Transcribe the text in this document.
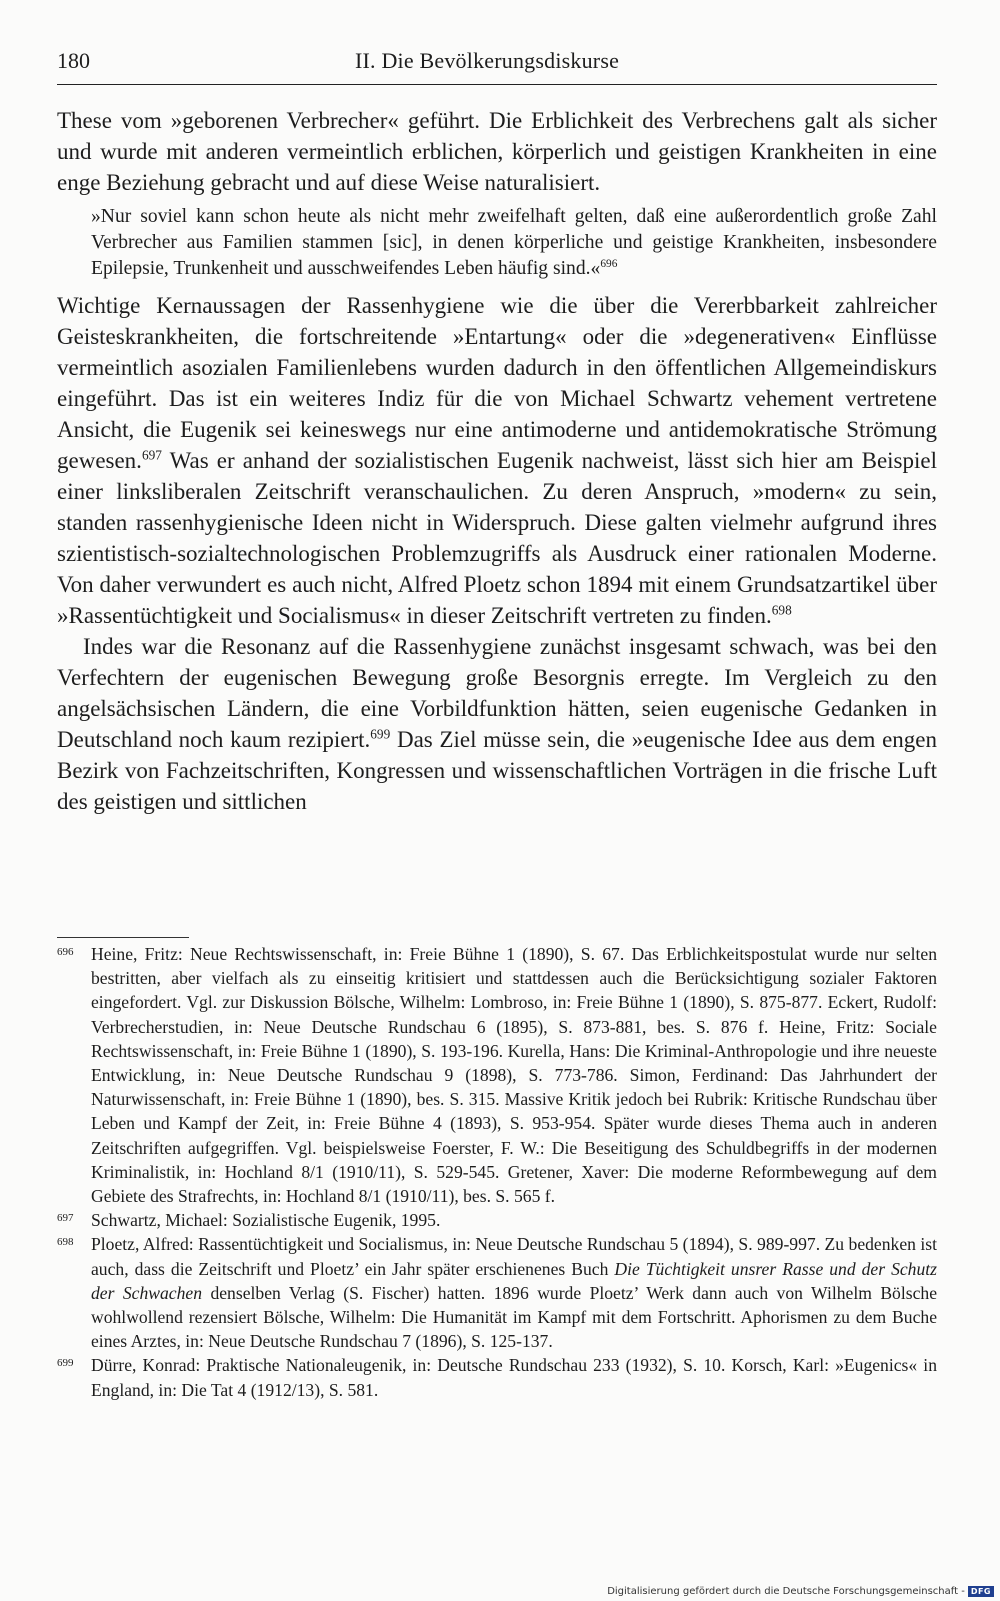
180	II. Die Bevölkerungsdiskurse

These vom »geborenen Verbrecher« geführt. Die Erblichkeit des Verbrechens galt als sicher und wurde mit anderen vermeintlich erblichen, körperlich und geistigen Krankheiten in eine enge Beziehung gebracht und auf diese Weise naturalisiert.

»Nur soviel kann schon heute als nicht mehr zweifelhaft gelten, daß eine außerordentlich große Zahl Verbrecher aus Familien stammen [sic], in denen körperliche und geistige Krankheiten, insbesondere Epilepsie, Trunkenheit und ausschweifendes Leben häufig sind.«$^{696}$

Wichtige Kernaussagen der Rassenhygiene wie die über die Vererbbarkeit zahlreicher Geisteskrankheiten, die fortschreitende »Entartung« oder die »degenerativen« Einflüsse vermeintlich asozialen Familienlebens wurden dadurch in den öffentlichen Allgemeindiskurs eingeführt. Das ist ein weiteres Indiz für die von Michael Schwartz vehement vertretene Ansicht, die Eugenik sei keineswegs nur eine antimoderne und antidemokratische Strömung gewesen.$^{697}$ Was er anhand der sozialistischen Eugenik nachweist, lässt sich hier am Beispiel einer linksliberalen Zeitschrift veranschaulichen. Zu deren Anspruch, »modern« zu sein, standen rassenhygienische Ideen nicht in Widerspruch. Diese galten vielmehr aufgrund ihres szientistisch-sozialtechnologischen Problemzugriffs als Ausdruck einer rationalen Moderne. Von daher verwundert es auch nicht, Alfred Ploetz schon 1894 mit einem Grundsatzartikel über »Rassentüchtigkeit und Socialismus« in dieser Zeitschrift vertreten zu finden.$^{698}$

Indes war die Resonanz auf die Rassenhygiene zunächst insgesamt schwach, was bei den Verfechtern der eugenischen Bewegung große Besorgnis erregte. Im Vergleich zu den angelsächsischen Ländern, die eine Vorbildfunktion hätten, seien eugenische Gedanken in Deutschland noch kaum rezipiert.$^{699}$ Das Ziel müsse sein, die »eugenische Idee aus dem engen Bezirk von Fachzeitschriften, Kongressen und wissenschaftlichen Vorträgen in die frische Luft des geistigen und sittlichen

696 Heine, Fritz: Neue Rechtswissenschaft, in: Freie Bühne 1 (1890), S. 67. Das Erblichkeitspostulat wurde nur selten bestritten, aber vielfach als zu einseitig kritisiert und stattdessen auch die Berücksichtigung sozialer Faktoren eingefordert. Vgl. zur Diskussion Bölsche, Wilhelm: Lombroso, in: Freie Bühne 1 (1890), S. 875-877. Eckert, Rudolf: Verbrecherstudien, in: Neue Deutsche Rundschau 6 (1895), S. 873-881, bes. S. 876 f. Heine, Fritz: Sociale Rechtswissenschaft, in: Freie Bühne 1 (1890), S. 193-196. Kurella, Hans: Die Kriminal-Anthropologie und ihre neueste Entwicklung, in: Neue Deutsche Rundschau 9 (1898), S. 773-786. Simon, Ferdinand: Das Jahrhundert der Naturwissenschaft, in: Freie Bühne 1 (1890), bes. S. 315. Massive Kritik jedoch bei Rubrik: Kritische Rundschau über Leben und Kampf der Zeit, in: Freie Bühne 4 (1893), S. 953-954. Später wurde dieses Thema auch in anderen Zeitschriften aufgegriffen. Vgl. beispielsweise Foerster, F. W.: Die Beseitigung des Schuldbegriffs in der modernen Kriminalistik, in: Hochland 8/1 (1910/11), S. 529-545. Gretener, Xaver: Die moderne Reformbewegung auf dem Gebiete des Strafrechts, in: Hochland 8/1 (1910/11), bes. S. 565 f.
697 Schwartz, Michael: Sozialistische Eugenik, 1995.
698 Ploetz, Alfred: Rassentüchtigkeit und Socialismus, in: Neue Deutsche Rundschau 5 (1894), S. 989-997. Zu bedenken ist auch, dass die Zeitschrift und Ploetz’ ein Jahr später erschienenes Buch Die Tüchtigkeit unsrer Rasse und der Schutz der Schwachen denselben Verlag (S. Fischer) hatten. 1896 wurde Ploetz’ Werk dann auch von Wilhelm Bölsche wohlwollend rezensiert Bölsche, Wilhelm: Die Humanität im Kampf mit dem Fortschritt. Aphorismen zu dem Buche eines Arztes, in: Neue Deutsche Rundschau 7 (1896), S. 125-137.
699 Dürre, Konrad: Praktische Nationaleugenik, in: Deutsche Rundschau 233 (1932), S. 10. Korsch, Karl: »Eugenics« in England, in: Die Tat 4 (1912/13), S. 581.
Digitalisierung gefördert durch die Deutsche Forschungsgemeinschaft - DFG
